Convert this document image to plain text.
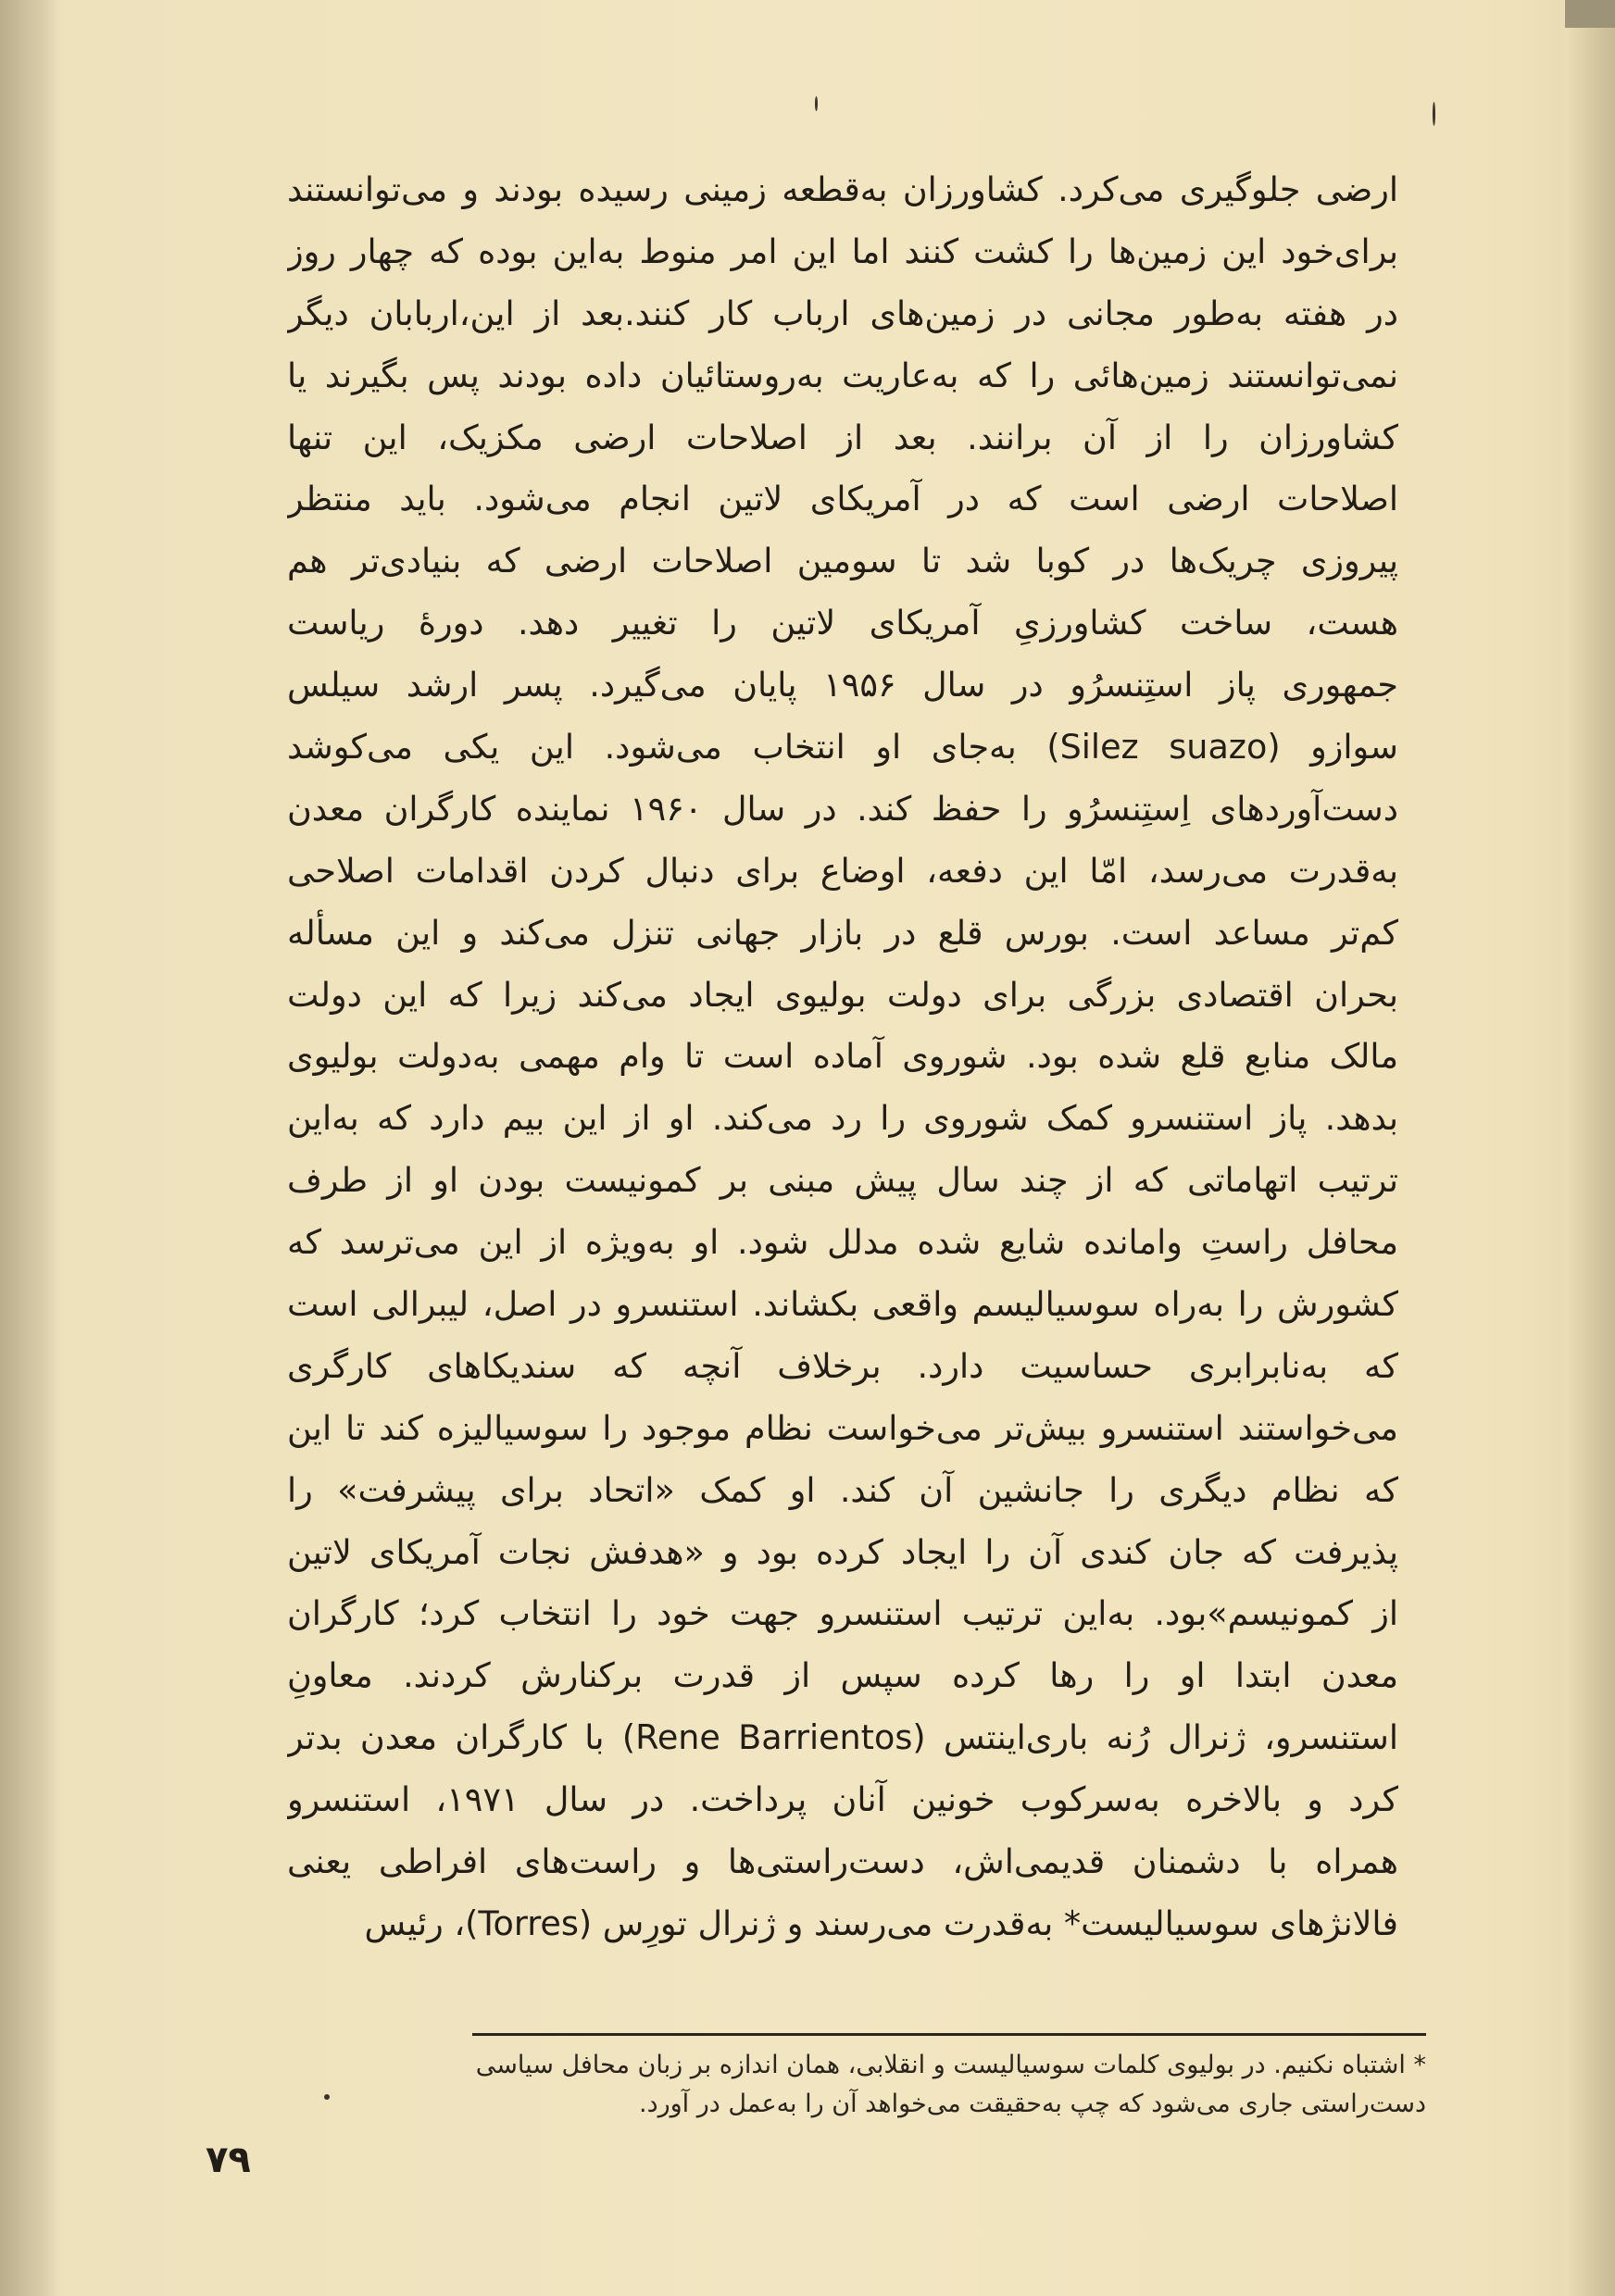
ارضی جلوگیری می‌کرد. کشاورزان به‌قطعه زمینی رسیده بودند و می‌توانستند
برای‌خود این زمین‌ها را کشت کنند اما این امر منوط به‌این بوده که چهار روز
در هفته به‌طور مجانی در زمین‌های ارباب کار کنند.بعد از این،اربابان دیگر
نمی‌توانستند زمین‌هائی را که به‌عاریت به‌روستائیان داده بودند پس بگیرند یا
کشاورزان را از آن برانند. بعد از اصلاحات ارضی مکزیک، این تنها
اصلاحات ارضی است که در آمریکای لاتین انجام می‌شود. باید منتظر
پیروزی چریک‌ها در کوبا شد تا سومین اصلاحات ارضی که بنیادی‌تر هم
هست، ساخت کشاورزیِ آمریکای لاتین را تغییر دهد. دورهٔ ریاست
جمهوری پاز استِنسرُو در سال ۱۹۵۶ پایان می‌گیرد. پسر ارشد سیلس
سوازو (Silez suazo) به‌جای او انتخاب می‌شود. این یکی می‌کوشد
دست‌آوردهای اِستِنسرُو را حفظ کند. در سال ۱۹۶۰ نماینده کارگران معدن
به‌قدرت می‌رسد، امّا این دفعه، اوضاع برای دنبال کردن اقدامات اصلاحی
کم‌تر مساعد است. بورس قلع در بازار جهانی تنزل می‌کند و این مسأله
بحران اقتصادی بزرگی برای دولت بولیوی ایجاد می‌کند زیرا که این دولت
مالک منابع قلع شده بود. شوروی آماده است تا وام مهمی به‌دولت بولیوی
بدهد. پاز استنسرو کمک شوروی را رد می‌کند. او از این بیم دارد که به‌این
ترتیب اتهاماتی که از چند سال پیش مبنی بر کمونیست بودن او از طرف
محافل راستِ وامانده شایع شده مدلل شود. او به‌ویژه از این می‌ترسد که
کشورش را به‌راه سوسیالیسم واقعی بکشاند. استنسرو در اصل، لیبرالی است
که به‌نابرابری حساسیت دارد. برخلاف آنچه که سندیکاهای کارگری
می‌خواستند استنسرو بیش‌تر می‌خواست نظام موجود را سوسیالیزه کند تا این
که نظام دیگری را جانشین آن کند. او کمک «اتحاد برای پیشرفت» را
پذیرفت که جان کندی آن را ایجاد کرده بود و «هدفش نجات آمریکای لاتین
از کمونیسم»بود. به‌این ترتیب استنسرو جهت خود را انتخاب کرد؛ کارگران
معدن ابتدا او را رها کرده سپس از قدرت برکنارش کردند. معاونِ
استنسرو، ژنرال رُنه باری‌اینتس (Rene Barrientos) با کارگران معدن بدتر
کرد و بالاخره به‌سرکوب خونین آنان پرداخت. در سال ۱۹۷۱، استنسرو
همراه با دشمنان قدیمی‌اش، دست‌راستی‌ها و راست‌های افراطی یعنی
فالانژهای سوسیالیست* به‌قدرت می‌رسند و ژنرال تورِس (Torres)، رئیس
* اشتباه نکنیم. در بولیوی کلمات سوسیالیست و انقلابی، همان اندازه بر زبان محافل سیاسی
دست‌راستی جاری می‌شود که چپ به‌حقیقت می‌خواهد آن را به‌عمل در آورد.
۷۹
